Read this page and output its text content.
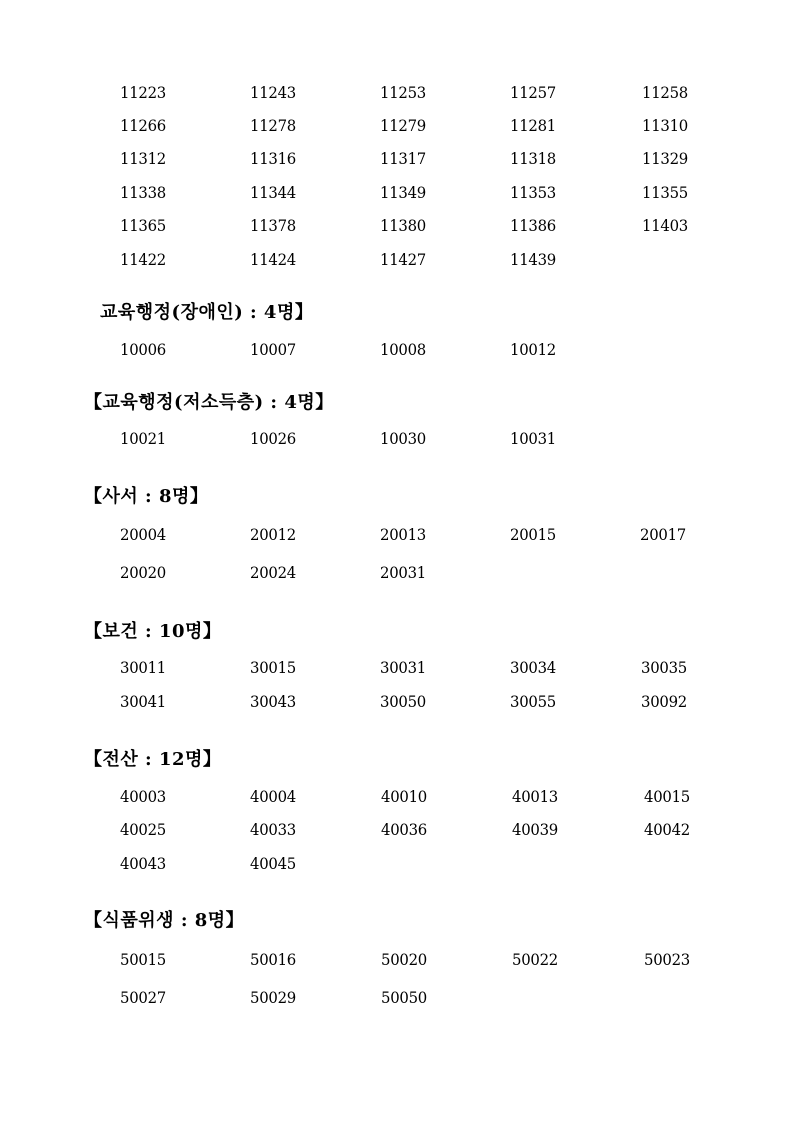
11223	11243	11253	11257	11258
11266	11278	11279	11281	11310
11312	11316	11317	11318	11329
11338	11344	11349	11353	11355
11365	11378	11380	11386	11403
11422	11424	11427	11439
교육행정(장애인) : 4명】
10006	10007	10008	10012
【교육행정(저소득층) : 4명】
10021	10026	10030	10031
【사서 : 8명】
20004	20012	20013	20015	20017
20020	20024	20031
【보건 : 10명】
30011	30015	30031	30034	30035
30041	30043	30050	30055	30092
【전산 : 12명】
40003	40004	40010	40013	40015
40025	40033	40036	40039	40042
40043	40045
【식품위생 : 8명】
50015	50016	50020	50022	50023
50027	50029	50050
